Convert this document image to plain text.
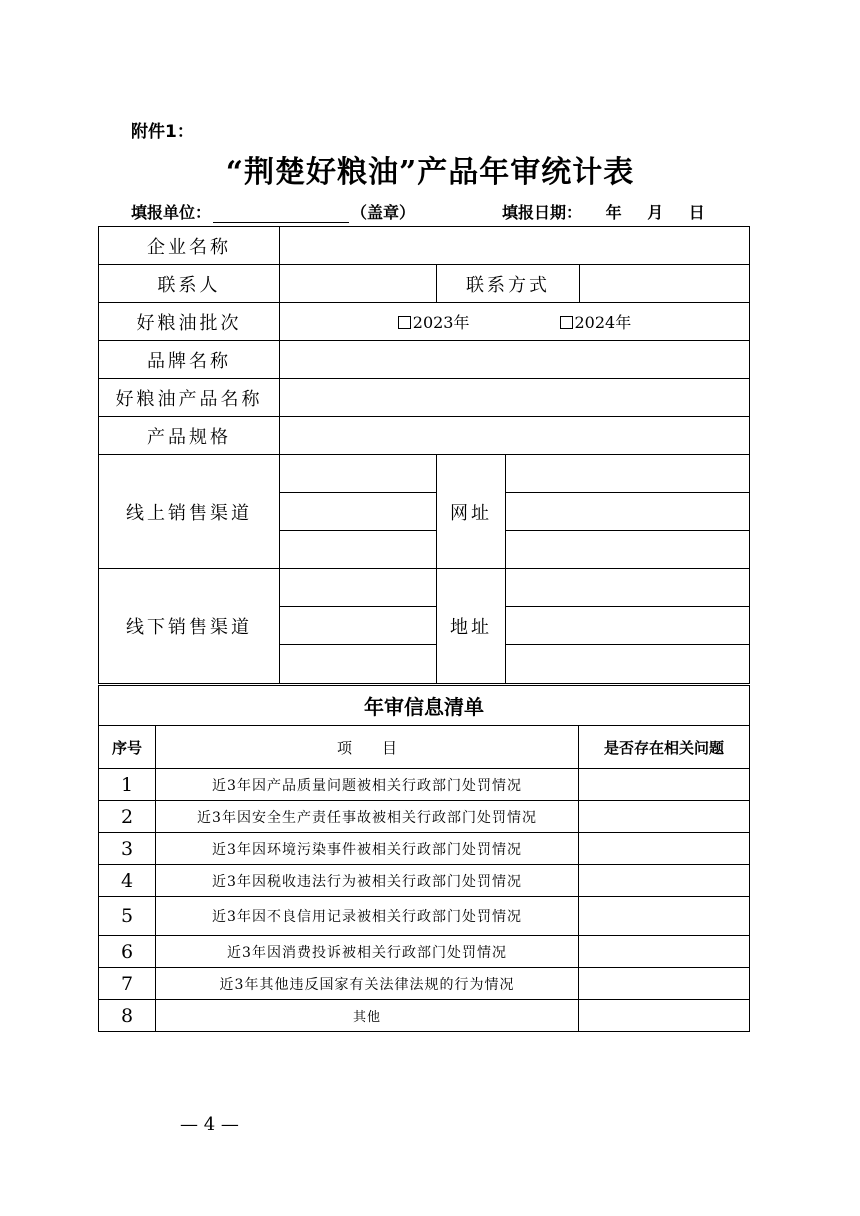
附件1：
“荆楚好粮油”产品年审统计表
填报单位：	（盖章）	填报日期： 年 月 日
企业名称				
联系人		联系方式		
好粮油批次	2023年 2024年			
品牌名称				
好粮油产品名称				
产品规格				
线上销售渠道		网址		

线下销售渠道		地址		

年审信息清单		
序号	项　　目	是否存在相关问题
1	近3年因产品质量问题被相关行政部门处罚情况	
2	近3年因安全生产责任事故被相关行政部门处罚情况	
3	近3年因环境污染事件被相关行政部门处罚情况	
4	近3年因税收违法行为被相关行政部门处罚情况	
5	近3年因不良信用记录被相关行政部门处罚情况	
6	近3年因消费投诉被相关行政部门处罚情况	
7	近3年其他违反国家有关法律法规的行为情况	
8	其他	
— 4 —
